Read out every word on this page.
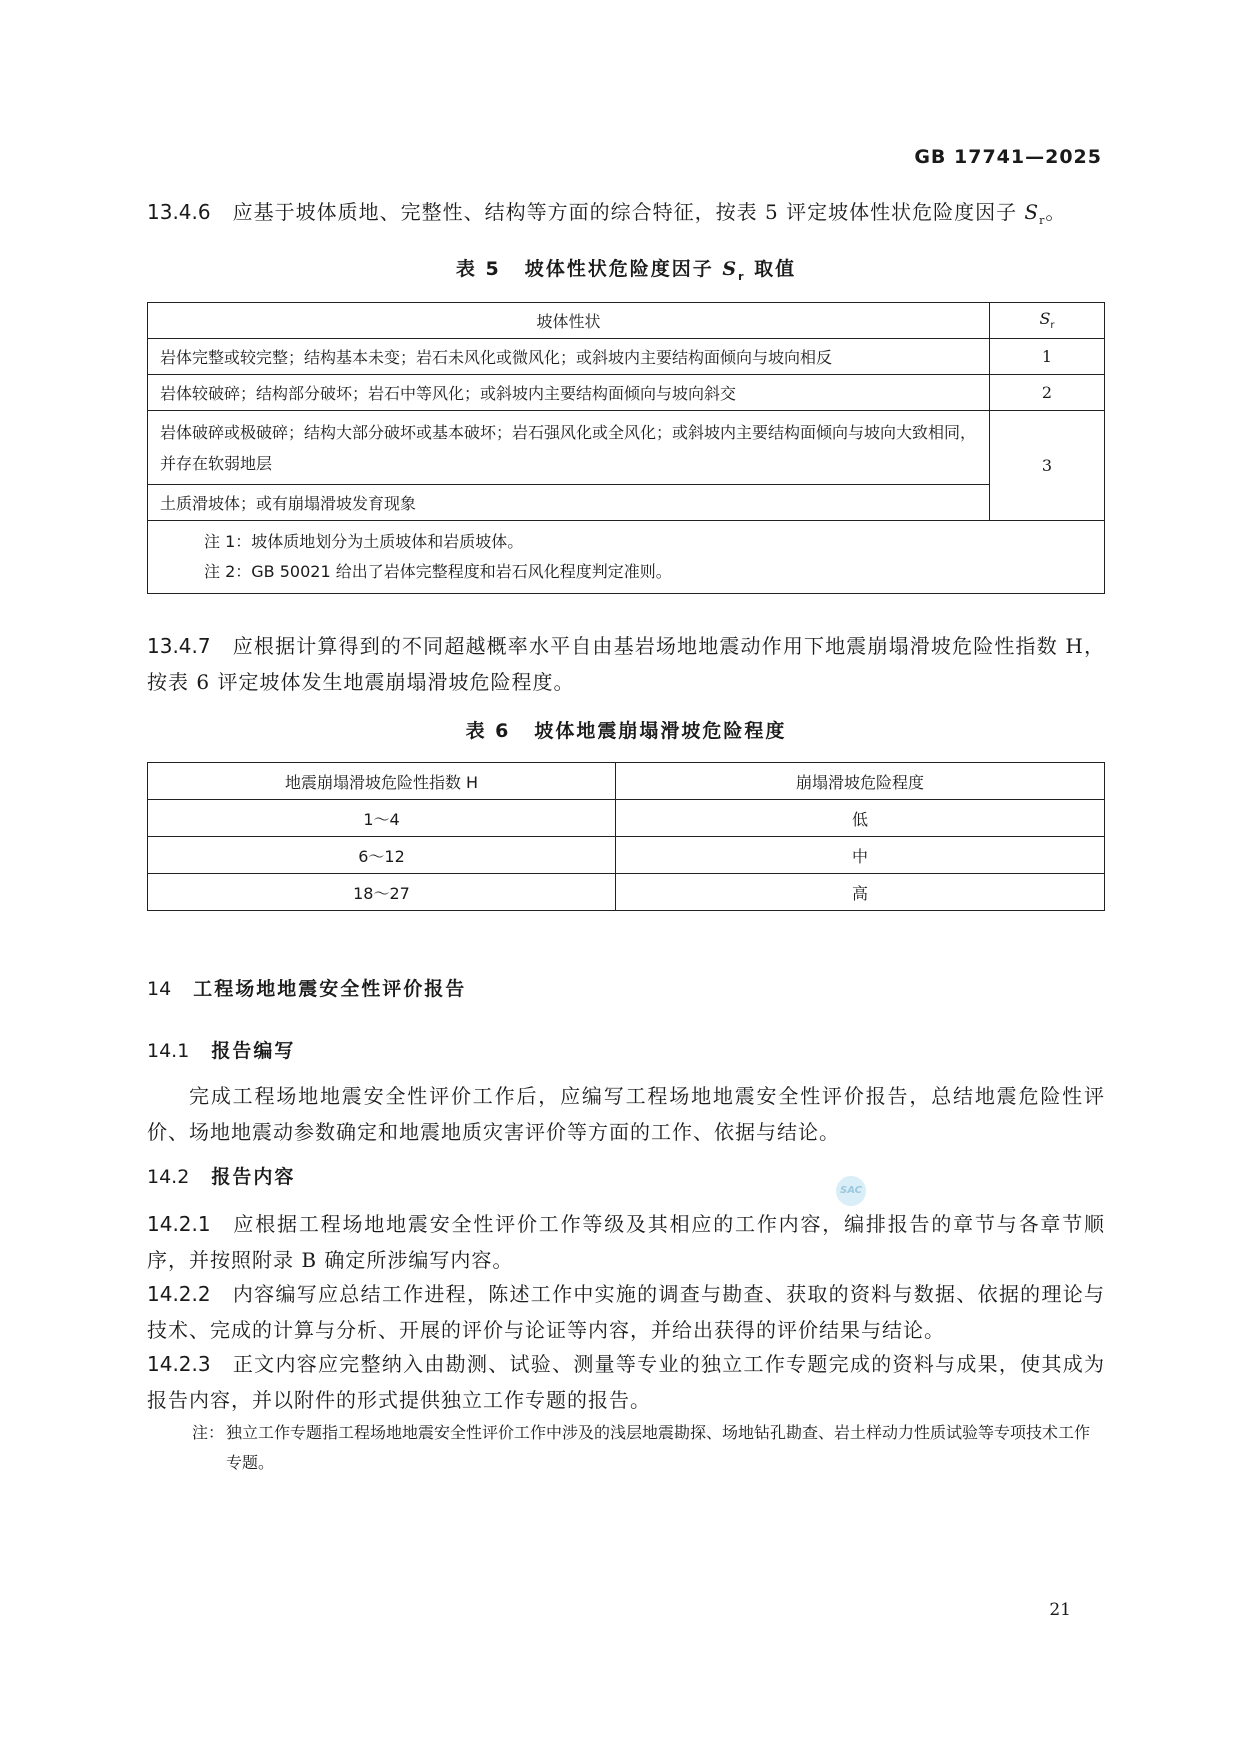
GB 17741—2025
13.4.6 应基于坡体质地、完整性、结构等方面的综合特征，按表 5 评定坡体性状危险度因子 $S_r$。
表 5 坡体性状危险度因子 $S_r$ 取值
坡体性状	$S_r$
岩体完整或较完整；结构基本未变；岩石未风化或微风化；或斜坡内主要结构面倾向与坡向相反	1
岩体较破碎；结构部分破坏；岩石中等风化；或斜坡内主要结构面倾向与坡向斜交	2
岩体破碎或极破碎；结构大部分破坏或基本破坏；岩石强风化或全风化；或斜坡内主要结构面倾向与坡向大致相同，并存在软弱地层	3
土质滑坡体；或有崩塌滑坡发育现象	

注 1：坡体质地划分为土质坡体和岩质坡体。
注 2：GB 50021 给出了岩体完整程度和岩石风化程度判定准则。	
13.4.7 应根据计算得到的不同超越概率水平自由基岩场地地震动作用下地震崩塌滑坡危险性指数 H，按表 6 评定坡体发生地震崩塌滑坡危险程度。
表 6 坡体地震崩塌滑坡危险程度
地震崩塌滑坡危险性指数 H	崩塌滑坡危险程度
1～4	低
6～12	中
18～27	高
14 工程场地地震安全性评价报告
14.1 报告编写
完成工程场地地震安全性评价工作后，应编写工程场地地震安全性评价报告，总结地震危险性评价、场地地震动参数确定和地震地质灾害评价等方面的工作、依据与结论。
14.2 报告内容
SAC
14.2.1 应根据工程场地地震安全性评价工作等级及其相应的工作内容，编排报告的章节与各章节顺序，并按照附录 B 确定所涉编写内容。
14.2.2 内容编写应总结工作进程，陈述工作中实施的调查与勘查、获取的资料与数据、依据的理论与技术、完成的计算与分析、开展的评价与论证等内容，并给出获得的评价结果与结论。
14.2.3 正文内容应完整纳入由勘测、试验、测量等专业的独立工作专题完成的资料与成果，使其成为报告内容，并以附件的形式提供独立工作专题的报告。
注： 独立工作专题指工程场地地震安全性评价工作中涉及的浅层地震勘探、场地钻孔勘查、岩土样动力性质试验等专项技术工作专题。
21
